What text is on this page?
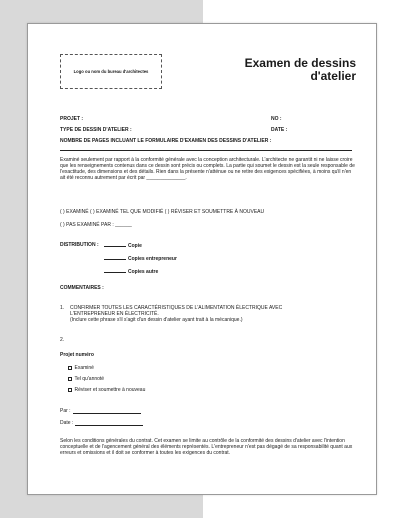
Logo ou nom du bureau d'architectes
Examen de dessins
d'atelier
PROJET :	NO :
TYPE DE DESSIN D'ATELIER :	DATE :
NOMBRE DE PAGES INCLUANT LE FORMULAIRE D'EXAMEN DES DESSINS D'ATELIER :
Examiné seulement par rapport à la conformité générale avec la conception architecturale. L'architecte ne garantit ni ne laisse croire que les renseignements contenus dans ce dessin sont précis ou complets. La partie qui soumet le dessin est la seule responsable de l'exactitude, des dimensions et des détails. Rien dans la présente n'atténue ou ne retire des exigences spécifiées, à moins qu'il n'en ait été reconnu autrement par écrit par ______________.
( ) EXAMINÉ ( ) EXAMINÉ TEL QUE MODIFIÉ ( ) RÉVISER ET SOUMETTRE À NOUVEAU
( ) PAS EXAMINÉ PAR : ______
DISTRIBUTION :	Copie
Copies entrepreneur
Copies autre
COMMENTAIRES :
1. CONFIRMER TOUTES LES CARACTÉRISTIQUES DE L'ALIMENTATION ÉLECTRIQUE AVEC
L'ENTREPRENEUR EN ÉLECTRICITÉ.
(Inclure cette phrase s'il s'agit d'un dessin d'atelier ayant trait à la mécanique.)
2.
Projet numéro
Examiné
Tel qu'annoté
Réviser et soumettre à nouveau
Par :
Date :
Selon les conditions générales du contrat. Cet examen se limite au contrôle de la conformité des dessins d'atelier avec l'intention conceptuelle et de l'agencement général des éléments représentés. L'entrepreneur n'est pas dégagé de sa responsabilité quant aux erreurs et omissions et il doit se conformer à toutes les exigences du contrat.
